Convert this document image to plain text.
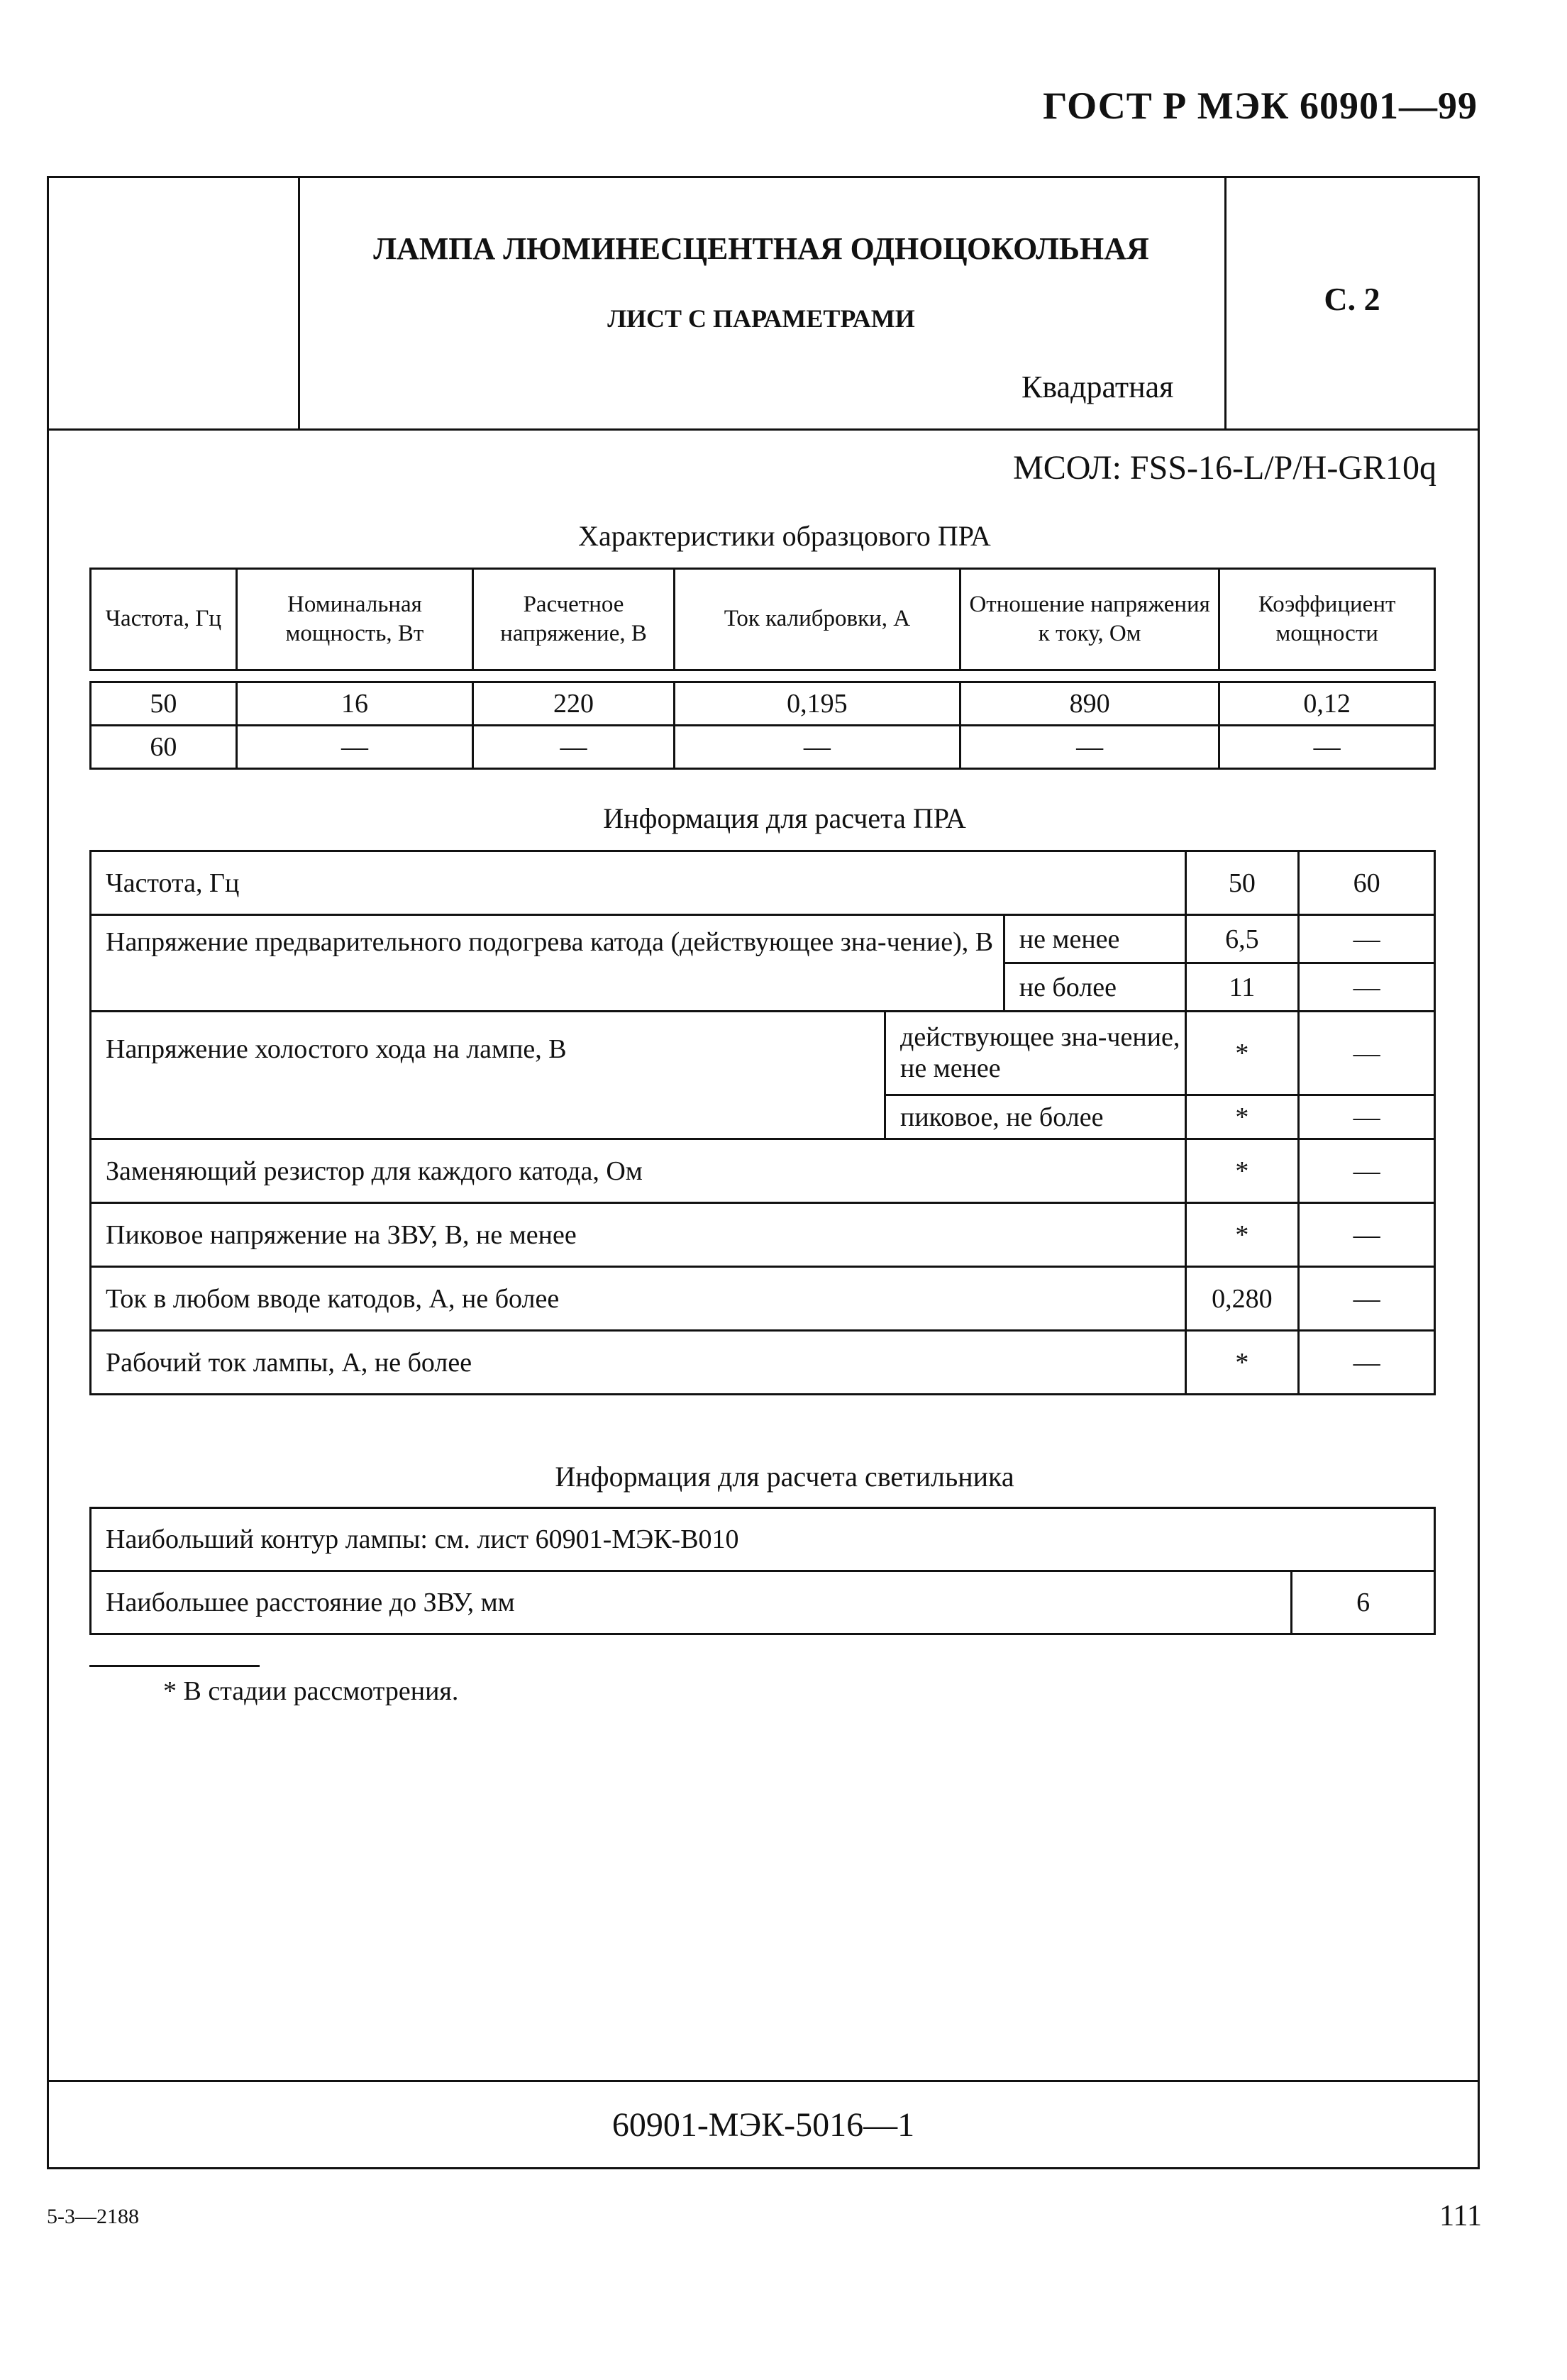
ГОСТ Р МЭК 60901—99
ЛАМПА ЛЮМИНЕСЦЕНТНАЯ ОДНОЦОКОЛЬНАЯ
ЛИСТ С ПАРАМЕТРАМИ
Квадратная
С. 2
МСОЛ: FSS-16-L/P/H-GR10q
Характеристики образцового ПРА
Частота, Гц	Номинальная мощность, Вт	Расчетное напряжение, В	Ток калибровки, А	Отношение напряжения к току, Ом	Коэффициент мощности

50	16	220	0,195	890	0,12
60	—	—	—	—	—
Информация для расчета ПРА
Частота, Гц			50	60
Напряжение предварительного подогрева катода (действующее зна-чение), В		не менее	6,5	—
		не более	11	—
Напряжение холостого хода на лампе, В	действующее зна-чение, не менее		*	—
	пиковое, не более		*	—
Заменяющий резистор для каждого катода, Ом			*	—
Пиковое напряжение на ЗВУ, В, не менее			*	—
Ток в любом вводе катодов, А, не более			0,280	—
Рабочий ток лампы, А, не более			*	—
Информация для расчета светильника
Наибольший контур лампы: см. лист 60901-МЭК-В010
Наибольшее расстояние до ЗВУ, мм	6
* В стадии рассмотрения.
60901-МЭК-5016—1
5-3—2188	111
